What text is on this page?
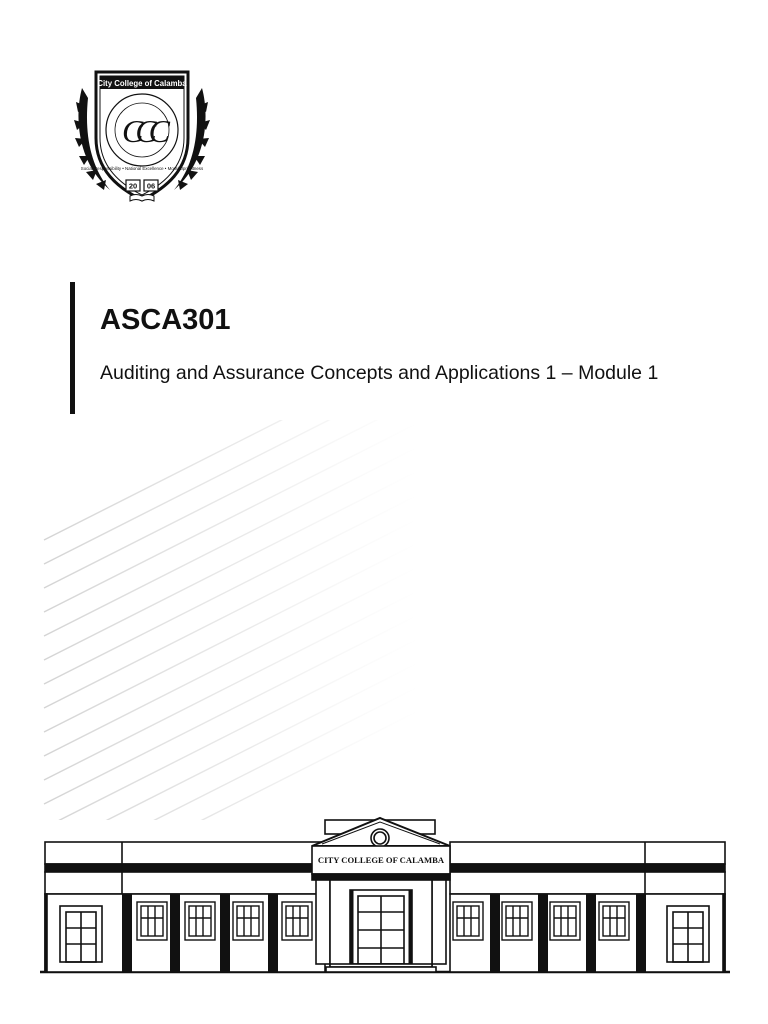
City College of Calamba
CCC
Social Responsibility • National Excellence • Moral Uprightness
20 06
ASCA301

Auditing and Assurance Concepts and Applications 1 – Module 1

CITY COLLEGE OF CALAMBA
